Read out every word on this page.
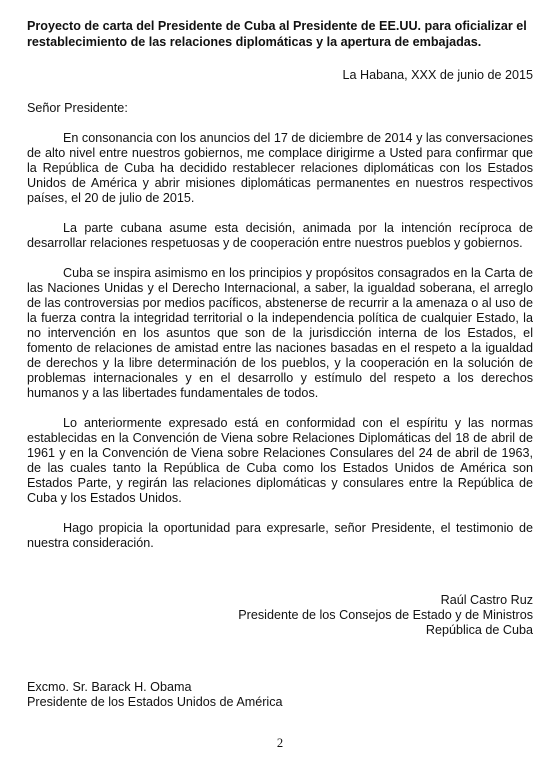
Proyecto de carta del Presidente de Cuba al Presidente de EE.UU. para oficializar el restablecimiento de las relaciones diplomáticas y la apertura de embajadas.

La Habana, XXX de junio de 2015

Señor Presidente:

En consonancia con los anuncios del 17 de diciembre de 2014 y las conversaciones de alto nivel entre nuestros gobiernos, me complace dirigirme a Usted para confirmar que la República de Cuba ha decidido restablecer relaciones diplomáticas con los Estados Unidos de América y abrir misiones diplomáticas permanentes en nuestros respectivos países, el 20 de julio de 2015.

La parte cubana asume esta decisión, animada por la intención recíproca de desarrollar relaciones respetuosas y de cooperación entre nuestros pueblos y gobiernos.

Cuba se inspira asimismo en los principios y propósitos consagrados en la Carta de las Naciones Unidas y el Derecho Internacional, a saber, la igualdad soberana, el arreglo de las controversias por medios pacíficos, abstenerse de recurrir a la amenaza o al uso de la fuerza contra la integridad territorial o la independencia política de cualquier Estado, la no intervención en los asuntos que son de la jurisdicción interna de los Estados, el fomento de relaciones de amistad entre las naciones basadas en el respeto a la igualdad de derechos y la libre determinación de los pueblos, y la cooperación en la solución de problemas internacionales y en el desarrollo y estímulo del respeto a los derechos humanos y a las libertades fundamentales de todos.

Lo anteriormente expresado está en conformidad con el espíritu y las normas establecidas en la Convención de Viena sobre Relaciones Diplomáticas del 18 de abril de 1961 y en la Convención de Viena sobre Relaciones Consulares del 24 de abril de 1963, de las cuales tanto la República de Cuba como los Estados Unidos de América son Estados Parte, y regirán las relaciones diplomáticas y consulares entre la República de Cuba y los Estados Unidos.

Hago propicia la oportunidad para expresarle, señor Presidente, el testimonio de nuestra consideración.

Raúl Castro Ruz
Presidente de los Consejos de Estado y de Ministros
República de Cuba
Excmo. Sr. Barack H. Obama
Presidente de los Estados Unidos de América
2
